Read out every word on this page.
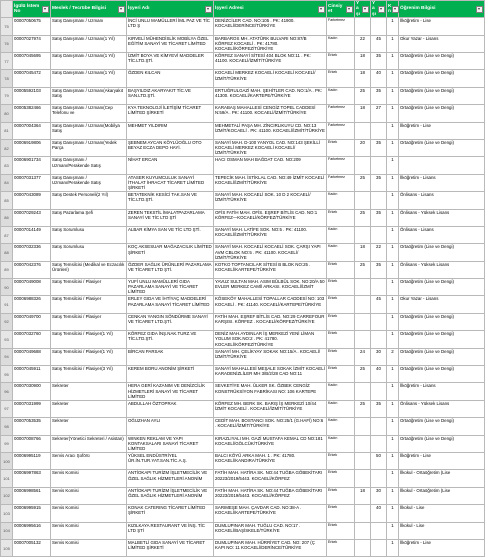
	lgülü İstem No	Meslek / Tecrübe Bilgisi	İşyeri Adı	İşyeri Adresi	Cinsiyet	Yaşı	Yaşı	Kn	Öğrenim Bilgisi

75	00007050675	Satış Danışmanı / Uzmanı	İNCİ UNLU MAMÜLLERİ İML PAZ VE TİC LTD Ş	DENİZCİLER CAD. NO:105 . PK: 41900. KOCAELİ/DERİNCE/TÜRKİYE	Farketmez			1	İlköğretim - Lise
76	00007027974	Satış Danışmanı / Uzmanı(1 Yıl)	KIRVELİ MÜHENDİSLİK MOBİLYA ÖZEL EĞİTİM SANAYİ VE TİCARET LİMİTED	BARBAROS MH. ATATÜRK BULVARI NO:87/B KÖRFEZ KOCAELİ . PK: 41780. KOCAELİ/KÖRFEZ/TÜRKİYE	Kadın	22	45	1	Okur Yazar - Lisans
77	00007045695	Satış Danışmanı / Uzmanı(1 Yıl)	İZMİT BOYA VE KİMYEVİ MADDELER TİC.LTD.ŞTİ.	KÖRFEZ SANAYİ SİTESİ 404 BLOK NO:11 . PK: 41100. KOCAELİ/İZMİT/TÜRKİYE	Erkek	18	35	1	Ortaöğretim (Lise ve Dengi)
78	00007045472	Satış Danışmanı / Uzmanı(1 Yıl)	ÖZDEN KILCAN	KOCAELİ MERKEZ KOCAELİ KOCAELİ KOCAELİ/İZMİT/TÜRKİYE	Erkek	18	40	1	Ortaöğretim (Lise ve Dengi)
79	00005592103	Satış Danışmanı / Uzmanı(Akaryakıt Satış	BAŞYILDIZ AKARYAKIT TİC.VE SAN.LTD.ŞTİ.	ERTUĞRULGAZİ MAH. ŞEHİTLER CAD. NO:1/A . PK: 41300. KOCAELİ/KARTEPE/TÜRKİYE	Kadın	25	35	1	Ortaöğretim (Lise ve Dengi)
80	00005382466	Satış Danışmanı / Uzmanı(Cep Telefonu ve	KYA TEKNOLOJİ İLETİŞİM TİCARET LİMİTED ŞİRKETİ	KARABAŞ MAHALLESİ CENGİZ TOPEL CADDESİ N:59/A . PK: 41100. KOCAELİ/İZMİT/TÜRKİYE	Farketmez	18	27	1	Ortaöğretim (Lise ve Dengi)
81	00007004364	Satış Danışmanı / Uzmanı(Mobilya Satış	MEHMET YILDIRIM	MEHMETALİ PAŞA MH. ZİNCIRLIKUYU CD. NO:13 İZMİT/KOCAELİ . PK: 41100. KOCAELİ/İZMİT/TÜRKİYE	Farketmez			1	İlköğretim - Lise
82	00006919806	Satış Danışmanı / Uzmanı(Yedek Parça	ŞEBNEM AYCAN KÖYLÜOĞLU OTO BEYAZ ECZA DEPO HAYİ.	SANAYİ MAH. D-100 YANYOL CAD. NO:143 ŞEKİLLİ KOCAELİ MERKEZ KOCAELİ KOCAELİ/İZMİT/TÜRKİYE	Erkek	20	35	1	Ortaöğretim (Lise ve Dengi)
83	00006901734	Satış Danışmanı / Uzmanı/Perakende Satış	NİHAT ERCAN	HACI OSMAN MAH BAĞDAT CAD. NO:209	Farketmez			1	
84	00007031377	Satış Danışmanı / Uzmanı/Perakende Satış	ATASER KUYUMCULUK SANAYİ İTHALAT İHRACAT TİCARET LİMİTED ŞİRKETİ	TEPECİK MAH. İSTİKLAL CAD. NO:49 İZMİT KOCAELİ KOCAELİ/İZMİT/TÜRKİYE	Farketmez	25	35	1	İlköğretim - Lisans
85	00007043089	Satış Destek Personeli(2 Yıl)	BETATEKNİK KESİCİ TAK.SAN VE TİC.LTD.ŞTİ.	SANAYİ MAH. KOCAELİ SOK. 10 D 2 KOCAELİ/İZMİT/TÜRKİYE	Kadın			1	Önlisans - Lisans
86	00007029243	Satış Pazarlama Şefi	ZEREN TEKSTİL İMALATPAZARLAMA SANAYİ VE TİC LTD ŞTİ	OFİS FATİH MAH. OFİS. EŞREF BİTLİS CAD. NO:1 KÖRFEZ—KOCAELİ/KÖRFEZ/TÜRKİYE	Erkek	25	35	1	Önlisans - Yüksek Lisans
87	00007014149	Satış Sorumlusu	ALBAR KİMYA SAN VE TİC LTD ŞTİ.	SANAYİ MAH. LATİFE SOK. NO:5 . PK: 41100. KOCAELİ/İZMİT/TÜRKİYE	Kadın			1	Önlisans - Lisans
88	00007032336	Satış Sorumlusu	KOÇ AKSESUAR MAĞAZACILIK LİMİTED ŞİRKETİ	SANAYİ MAH. KOCAELİ KOCAELİ SOK. ÇARŞI YAPI AVM CBLOK NO:5 . PK: 41100. KOCAELİ/İZMİT/TÜRKİYE	Kadın	18	22	1	Ortaöğretim (Lise ve Dengi)
89	00007042376	Satış Temsilcisi (Medikal ve Eczacılık Ürünleri)	ÖZDER SAĞLIK ÜRÜNLERİ PAZARLAMA VE TİCARET LTD ŞTİ.	KOTKO TOPTANCILAR SİTESİ B BLOK NO:25 . KOCAELİ/KARTEPE/TÜRKİYE	Erkek	25	35	1	Önlisans - Yüksek Lisans
90	00007049008	Satış Temsilcisi / Plasiyer	YUFİ UNLU MAMÜLLERİ GIDA PAZARLAMA SANAYİ VE TİCARET LİMİTED	YAVUZ SULTAN MAH. ASIM BÜLBÜL SOK. NO:20/A 50 EVLER MERKEZ CAMİİ ARKASI. KOCAELİ/İZMİT	Erkek			1	Ortaöğretim (Lise ve Dengi)
91	00006988326	Satış Temsilcisi / Plasiyer	ERLEY GIDA VE İHTİYAÇ MADDELERİ PAZARLAMA SANAYİ TİCARET LİMİTED	KÖSEKÖY MAHALLESİ TOPALLAR CADDESİ NO: 103 KOCAELİ . PK: 41140. KOCAELİ/KARTEPE/TÜRKİYE	Erkek		45	1	Okur Yazar - Lisans
92	00007049700	Satış Temsilcisi / Plasiyer	CENKAN YANGIN SÖNDÜRME SANAYİ VE TİCARET LTD.ŞTİ.	FATİH MAH. EŞREF BİTLİS CAD. NO:29 CARREFOUR KARŞISI. KÖRFEZ . KOCAELİ/KÖRFEZ/TÜRKİYE	Erkek			1	Ortaöğretim (Lise ve Dengi)
93	00007032760	Satış Temsilcisi / Plasiyer(1 Yıl)	KÖRFEZ GIDA İNŞ.NAK.TURZ.VE TİC.LTD.ŞTİ.	DENİZ MAH.AYDINLAR İŞ MERKEZİ YENİ LİMAN YOLUM SOK.NO:2 . PK: 41780. KOCAELİ/KÖRFEZ/TÜRKİYE	Erkek			1	Ortaöğretim (Lise ve Dengi)
94	00007049688	Satış Temsilcisi / Plasiyer(1 Yıl)	BİRCAN PARSAK	SANAYİ MH. ÇELİKYAY SOKAK NO:15/A . KOCAELİ/İZMİT/TÜRKİYE	Erkek	24	30	2	Ortaöğretim (Lise ve Dengi)
95	00007045911	Satış Temsilcisi / Plasiyer(3 Yıl)	KEREM BORU ANONİM ŞİRKETİ	SANAYİ MAHALLESİ MEŞALE SOKAK İZMİT KOCAELİ KARADENİZLİLER MH 3/B/2/28 CAD NO:11	Erkek	25	40	1	Ortaöğretim (Lise ve Dengi)
96	00007030900	Sekreter	HERA GERİ KAZANIM VE DENİZCİLİK HİZMETLERİ SANAYİ VE TİCARET LİMİTED	SEVKETİYE MAH. ÜLKER SK. ÖZBEK CENGİZ KONSTRÜKSİYON FABRİKASI NO: 106 KARTEPE	Kadın			1	İlköğretim - Lisans
97	00007031999	Sekreter	ABDULLAH ÖZTOPRAK	KÖRFEZ MH. BERK SK. BARIŞ İŞ MERKEZİ 10/44 İZMİT KOCAELİ . KOCAELİ/İZMİT/TÜRKİYE	Kadın	25	35	1	Önlisans - Yüksek Lisans
98	00007053535	Sekreter	OĞUZHAN AYLI	CEDİT MAH. BOSTANCI SOK. NO:25/1 (G.HAFİ) NO:6 . KOCAELİ/İZMİT/TÜRKİYE	Kadın			1	Ortaöğretim (Lise ve Dengi)
99	00007008766	Sekreter(Yönetici Sekreteri / Asistan)	WINKEN REKLAM VE YAPI KONTAKSALARI SANAYİ TİCARET LİMİTED	KIRAZLIYALI MH. GAZİ MUSTAFA KEMAL CD NO:181 KOCAELİ/GÖLCÜK/TÜRKİYE	Kadın			1	Ortaöğretim (Lise ve Dengi)
100	00006995119	Servis Aracı Şoförü	YÜKSEL ENDÜSTRİYEL ÜR.İN.TUR.YAT.SAN.TİC.A.Ş.	BALCI KÖYÜ ARKA MAH. 1 . PK: 41780. KOCAELİ/KANDIRA/TÜRKİYE	Erkek		50	1	İlköğretim - Lise
101	00006997863	Servis Komisi	ANTİOKAPI TURİZM İŞLETMECİLİK VE ÖZEL SAĞLIK HİZMETLERİ ANONİM	FATİH MAH. HATİRA SK. NO:44 TUĞBA GÖBEKİTARI 20223/2019/5443. KOCAELİ/KÖRFEZ	Erkek			1	İlkokul - Ortaöğretim (Lise
102	00006998561	Servis Komisi	ANTİOKAPI TURİZM İŞLETMECİLİK VE ÖZEL SAĞLIK HİZMETLERİ ANONİM	FATİH MAH. HATİRA SK. NO:44 TUĞBA GÖBEKİTARI 20223/2019/5443. KOCAELİ/KÖRFEZ	Erkek	18	30	1	İlkokul - Ortaöğretim (Lise
103	00006995915	Servis Komisi	KONAK CATERING TİCARET LİMİTED ŞİRKETİ	SARIMEŞE MAH. ÇAVDAR CAD. NO:38-A . KOCAELİ/KARTEPE/TÜRKİYE	Erkek		40	1	İlkokul - Lise
104	00006995616	Servis Komisi	KIZILKAYA RESTAURANT VE İNŞ. TİC LTD ŞTİ	DUMLUPINAR MAH. TUĞLU CAD. NO:17 . KOCAELİ/BAŞİSKELE/TÜRKİYE	Erkek			1	İlkokul - Lise
105	00007005132	Servis Komisi	MALBETLİ GIDA SANAYİ VE TİCARET LİMİTED ŞİRKETİ	DUMLUPINAR MAH. HÜRRİYET CAD. NO: 207 (Ç KAPI NO: 11 KOCAELİ/DERİNCE/TÜRKİYE	Erkek			1	İlköğretim - Lise
